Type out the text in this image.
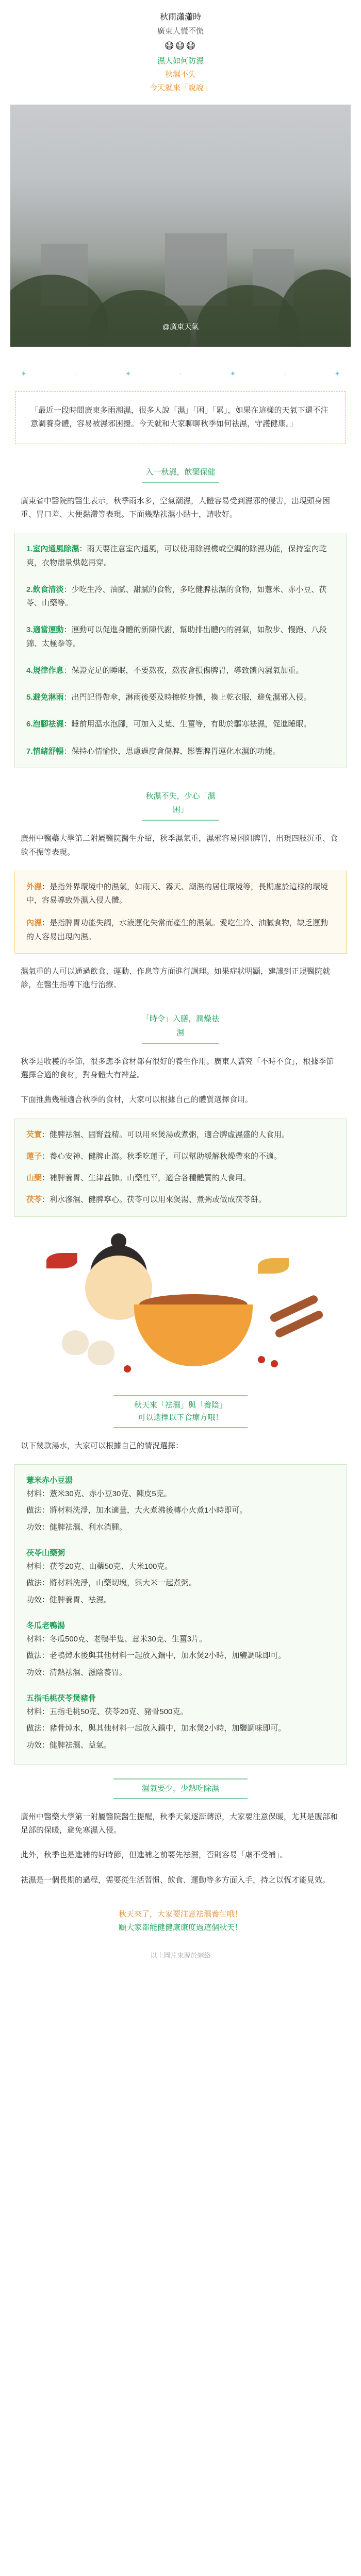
秋雨瀟瀟時

廣東人慌不慌

😷😷😷

濕人如何防濕

秋濕不失

今天就來「說說」

@廣東天氣
✦	·	✦	·	✦	·	✦
「最近一段時間廣東多雨潮濕，很多人說「濕」「困」「累」，如果在這樣的天氣下還不注意調養身體，容易被濕邪困擾。今天就和大家聊聊秋季如何祛濕，守護健康。」
入一秋濕，飲藥保健
廣東省中醫院的醫生表示，秋季雨水多，空氣潮濕，人體容易受到濕邪的侵害，出現頭身困重、胃口差、大便黏滯等表現。下面幾點祛濕小貼士，請收好。

1.室內通風除濕：雨天要注意室內通風，可以使用除濕機或空調的除濕功能，保持室內乾爽，衣物盡量烘乾再穿。

2.飲食清淡：少吃生冷、油膩、甜膩的食物，多吃健脾祛濕的食物，如薏米、赤小豆、茯苓、山藥等。

3.適當運動：運動可以促進身體的新陳代謝，幫助排出體內的濕氣，如散步、慢跑、八段錦、太極拳等。

4.規律作息：保證充足的睡眠，不要熬夜，熬夜會損傷脾胃，導致體內濕氣加重。

5.避免淋雨：出門記得帶傘，淋雨後要及時擦乾身體，換上乾衣服，避免濕邪入侵。

6.泡腳祛濕：睡前用溫水泡腳，可加入艾葉、生薑等，有助於驅寒祛濕，促進睡眠。

7.情緒舒暢：保持心情愉快，思慮過度會傷脾，影響脾胃運化水濕的功能。

秋濕不失，少心「濕困」
廣州中醫藥大學第二附屬醫院醫生介紹，秋季濕氣重，濕邪容易困阻脾胃，出現四肢沉重、食欲不振等表現。

外濕：是指外界環境中的濕氣，如雨天、霧天、潮濕的居住環境等，長期處於這樣的環境中，容易導致外濕入侵人體。

內濕：是指脾胃功能失調，水液運化失常而產生的濕氣。愛吃生冷、油膩食物，缺乏運動的人容易出現內濕。

濕氣重的人可以通過飲食、運動、作息等方面進行調理。如果症狀明顯，建議到正規醫院就診，在醫生指導下進行治療。
「時令」入膳，潤燥祛濕
秋季是收穫的季節，很多應季食材都有很好的養生作用。廣東人講究「不時不食」，根據季節選擇合適的食材，對身體大有裨益。
下面推薦幾種適合秋季的食材，大家可以根據自己的體質選擇食用。

芡實：健脾祛濕、固腎益精。可以用來煲湯或煮粥，適合脾虛濕盛的人食用。

蓮子：養心安神、健脾止瀉。秋季吃蓮子，可以幫助緩解秋燥帶來的不適。

山藥：補脾養胃、生津益肺。山藥性平，適合各種體質的人食用。

茯苓：利水滲濕、健脾寧心。茯苓可以用來煲湯、煮粥或做成茯苓餅。

秋天來「祛濕」與「養陰」
可以選擇以下食療方哦！
以下幾款湯水，大家可以根據自己的情況選擇：

薏米赤小豆湯

材料：薏米30克、赤小豆30克、陳皮5克。

做法：將材料洗淨，加水適量，大火煮沸後轉小火煮1小時即可。

功效：健脾祛濕、利水消腫。

茯苓山藥粥

材料：茯苓20克、山藥50克、大米100克。

做法：將材料洗淨，山藥切塊，與大米一起煮粥。

功效：健脾養胃、祛濕。

冬瓜老鴨湯

材料：冬瓜500克、老鴨半隻、薏米30克、生薑3片。

做法：老鴨焯水後與其他材料一起放入鍋中，加水煲2小時，加鹽調味即可。

功效：清熱祛濕、滋陰養胃。

五指毛桃茯苓煲豬骨

材料：五指毛桃50克、茯苓20克、豬骨500克。

做法：豬骨焯水，與其他材料一起放入鍋中，加水煲2小時，加鹽調味即可。

功效：健脾祛濕、益氣。

濕氣要少，少熱吃除濕
廣州中醫藥大學第一附屬醫院醫生提醒，秋季天氣逐漸轉涼，大家要注意保暖，尤其是腹部和足部的保暖，避免寒濕入侵。
此外，秋季也是進補的好時節，但進補之前要先祛濕，否則容易「虛不受補」。
祛濕是一個長期的過程，需要從生活習慣、飲食、運動等多方面入手，持之以恆才能見效。
秋天來了，大家要注意祛濕養生哦！
願大家都能健健康康度過這個秋天！
以上圖片來源於網絡
